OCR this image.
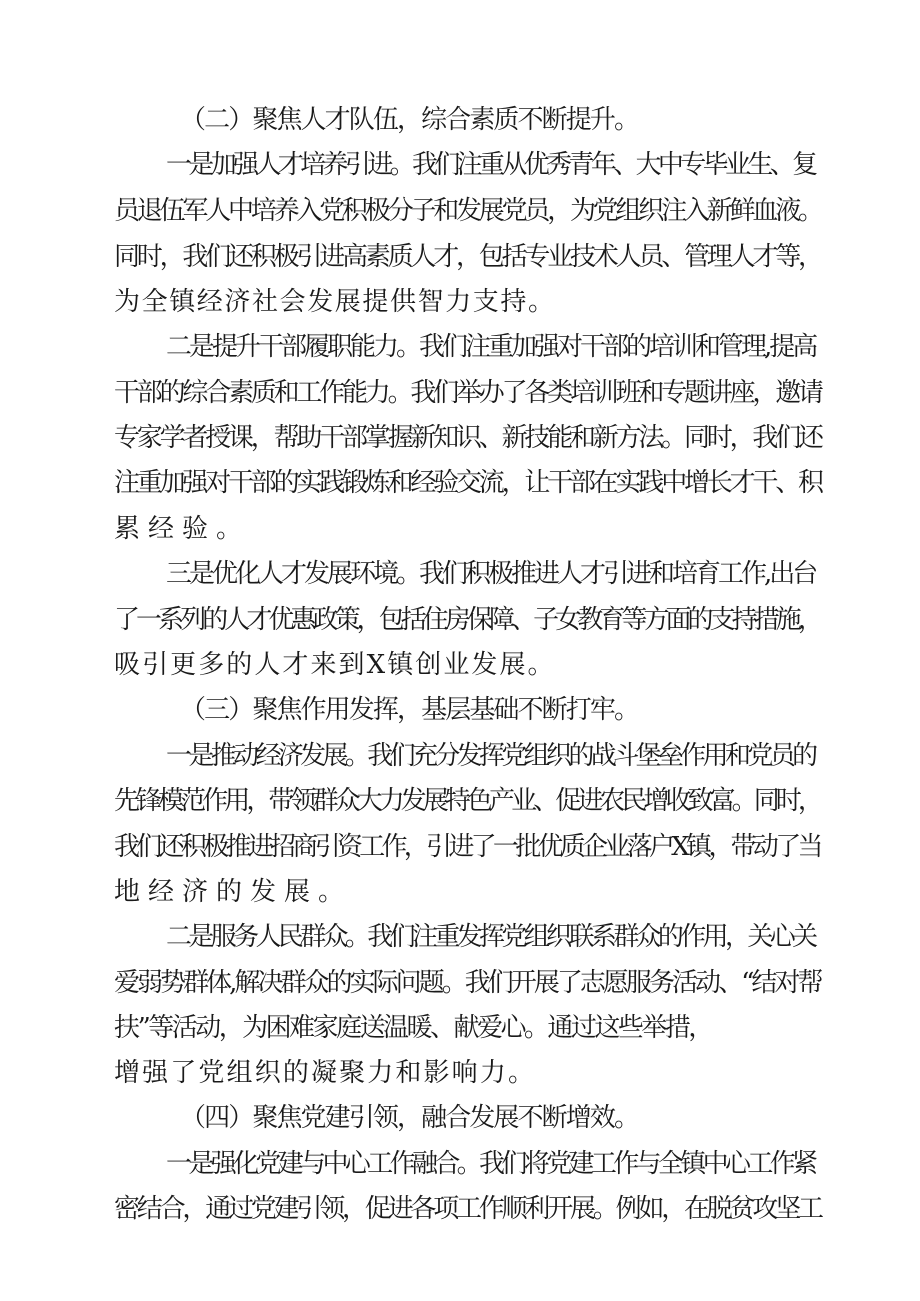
（二）聚焦人才队伍，综合素质不断提升。

一是加强人才培养引进。我们注重从优秀青年、大中专毕业生、复

员退伍军人中培养入党积极分子和发展党员，为党组织注入新鲜血液。

同时，我们还积极引进高素质人才，包括专业技术人员、管理人才等，

为全镇经济社会发展提供智力支持。

二是提升干部履职能力。我们注重加强对干部的培训和管理,提高

干部的综合素质和工作能力。我们举办了各类培训班和专题讲座，邀请

专家学者授课，帮助干部掌握新知识、新技能和新方法。同时，我们还

注重加强对干部的实践锻炼和经验交流，让干部在实践中增长才干、积

累经验。

三是优化人才发展环境。我们积极推进人才引进和培育工作,出台

了一系列的人才优惠政策，包括住房保障、子女教育等方面的支持措施，

吸引更多的人才来到X镇创业发展。

（三）聚焦作用发挥，基层基础不断打牢。

一是推动经济发展。我们充分发挥党组织的战斗堡垒作用和党员的

先锋模范作用，带领群众大力发展特色产业、促进农民增收致富。同时，

我们还积极推进招商引资工作，引进了一批优质企业落户X镇，带动了当

地经济的发展。

二是服务人民群众。我们注重发挥党组织联系群众的作用，关心关

爱弱势群体,解决群众的实际问题。我们开展了志愿服务活动、“结对帮

扶”等活动，为困难家庭送温暖、献爱心。通过这些举措，

增强了党组织的凝聚力和影响力。

（四）聚焦党建引领，融合发展不断增效。

一是强化党建与中心工作融合。我们将党建工作与全镇中心工作紧

密结合，通过党建引领，促进各项工作顺利开展。例如，在脱贫攻坚工
